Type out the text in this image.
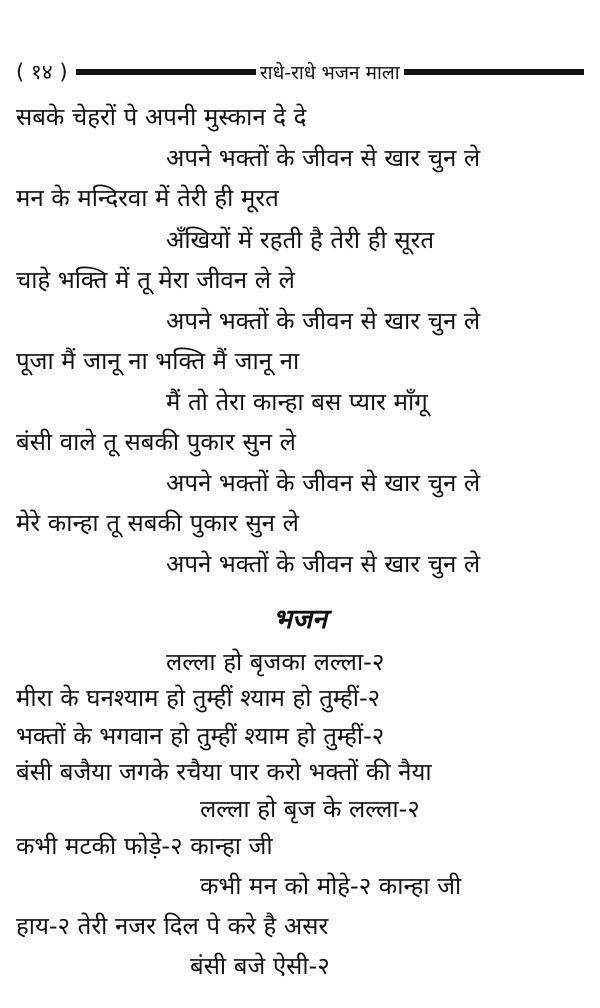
( १४ )	राधे-राधे भजन माला
सबके चेहरों पे अपनी मुस्कान दे दे
अपने भक्तों के जीवन से खार चुन ले
मन के मन्दिरवा में तेरी ही मूरत
अँखियों में रहती है तेरी ही सूरत
चाहे भक्ति में तू मेरा जीवन ले ले
अपने भक्तों के जीवन से खार चुन ले
पूजा मैं जानू ना भक्ति मैं जानू ना
मैं तो तेरा कान्हा बस प्यार माँगू
बंसी वाले तू सबकी पुकार सुन ले
अपने भक्तों के जीवन से खार चुन ले
मेरे कान्हा तू सबकी पुकार सुन ले
अपने भक्तों के जीवन से खार चुन ले
भजन
लल्ला हो बृजका लल्ला-२
मीरा के घनश्याम हो तुम्हीं श्याम हो तुम्हीं-२
भक्तों के भगवान हो तुम्हीं श्याम हो तुम्हीं-२
बंसी बजैया जगके रचैया पार करो भक्तों की नैया
लल्ला हो बृज के लल्ला-२
कभी मटकी फोड़े-२ कान्हा जी
कभी मन को मोहे-२ कान्हा जी
हाय-२ तेरी नजर दिल पे करे है असर
बंसी बजे ऐसी-२
